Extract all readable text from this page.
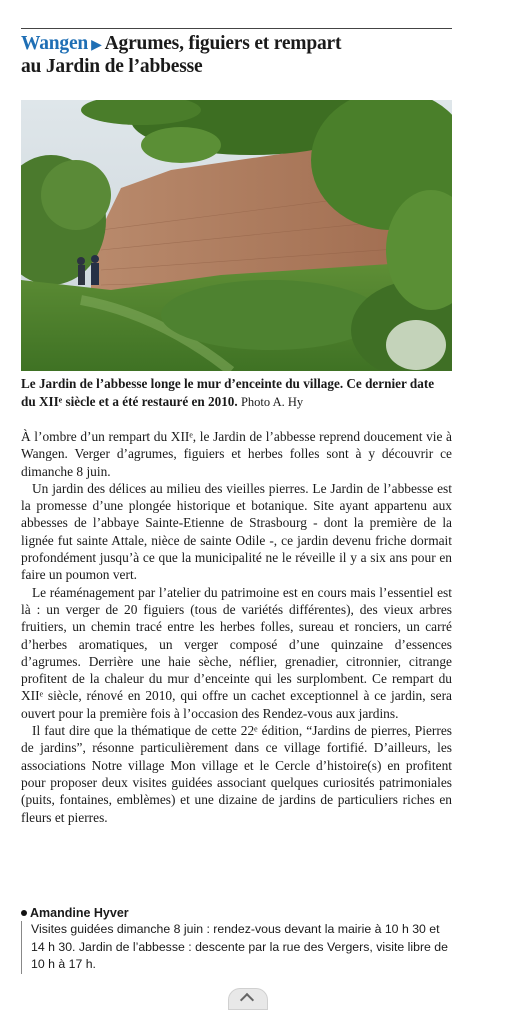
Wangen ▶ Agrumes, figuiers et rempart
au Jardin de l’abbesse
Le Jardin de l’abbesse longe le mur d’enceinte du village. Ce dernier date du XIIᵉ siècle et a été restauré en 2010. Photo A. Hy

À l’ombre d’un rempart du XIIᵉ, le Jardin de l’abbesse reprend doucement vie à Wangen. Verger d’agrumes, figuiers et herbes folles sont à y découvrir ce dimanche 8 juin.

Un jardin des délices au milieu des vieilles pierres. Le Jardin de l’abbesse est la promesse d’une plongée historique et botanique. Site ayant appartenu aux abbesses de l’abbaye Sainte-Etienne de Strasbourg - dont la première de la lignée fut sainte Attale, nièce de sainte Odile -, ce jardin devenu friche dormait profondément jusqu’à ce que la municipalité ne le réveille il y a six ans pour en faire un poumon vert.

Le réaménagement par l’atelier du patrimoine est en cours mais l’essentiel est là : un verger de 20 figuiers (tous de variétés différentes), des vieux arbres fruitiers, un chemin tracé entre les herbes folles, sureau et ronciers, un carré d’herbes aromatiques, un verger composé d’une quinzaine d’essences d’agrumes. Derrière une haie sèche, néflier, grenadier, citronnier, citrange profitent de la chaleur du mur d’enceinte qui les surplombent. Ce rempart du XIIᵉ siècle, rénové en 2010, qui offre un cachet exceptionnel à ce jardin, sera ouvert pour la première fois à l’occasion des Rendez-vous aux jardins.

Il faut dire que la thématique de cette 22ᵉ édition, “Jardins de pierres, Pierres de jardins”, résonne particulièrement dans ce village fortifié. D’ailleurs, les associations Notre village Mon village et le Cercle d’histoire(s) en profitent pour proposer deux visites guidées associant quelques curiosités patrimoniales (puits, fontaines, emblèmes) et une dizaine de jardins de particuliers riches en fleurs et pierres.

Amandine Hyver
Visites guidées dimanche 8 juin : rendez-vous devant la mairie à 10 h 30 et 14 h 30. Jardin de l’abbesse : descente par la rue des Vergers, visite libre de 10 h à 17 h.
